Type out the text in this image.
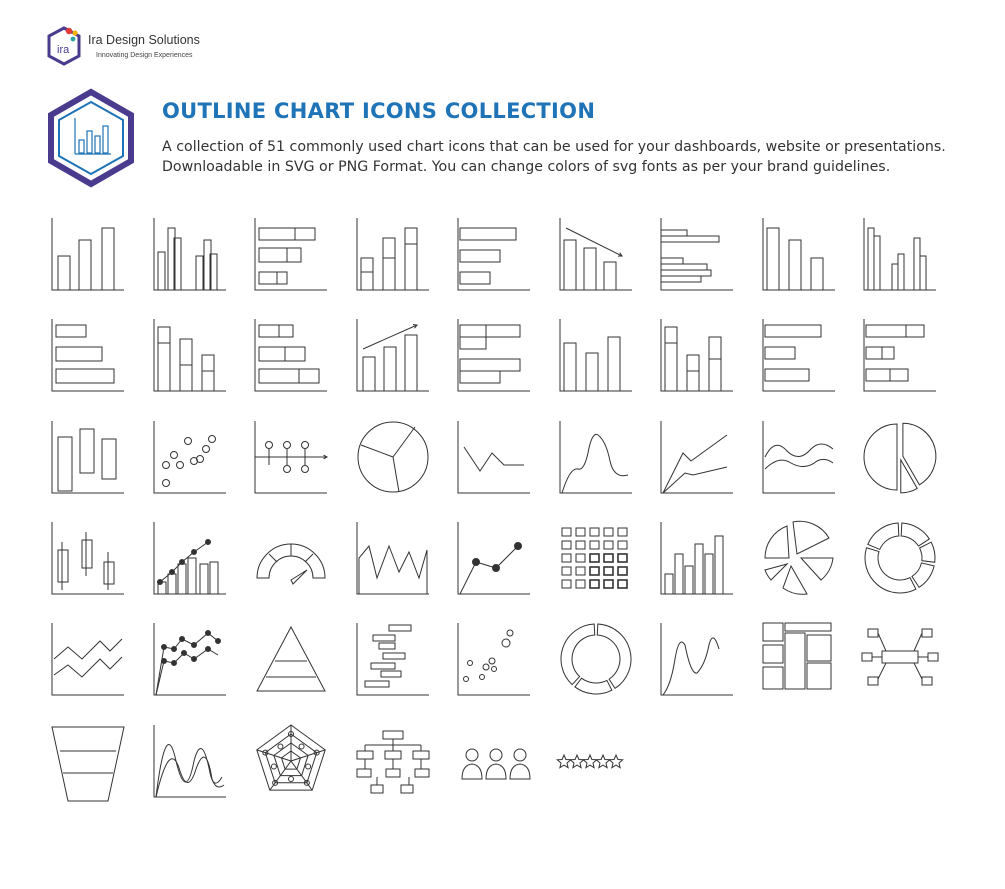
ira
Ira Design Solutions
Innovating Design Experiences
OUTLINE CHART ICONS COLLECTION

A collection of 51 commonly used chart icons that can be used for your dashboards, website or presentations.

Downloadable in SVG or PNG Format. You can change colors of svg fonts as per your brand guidelines.
